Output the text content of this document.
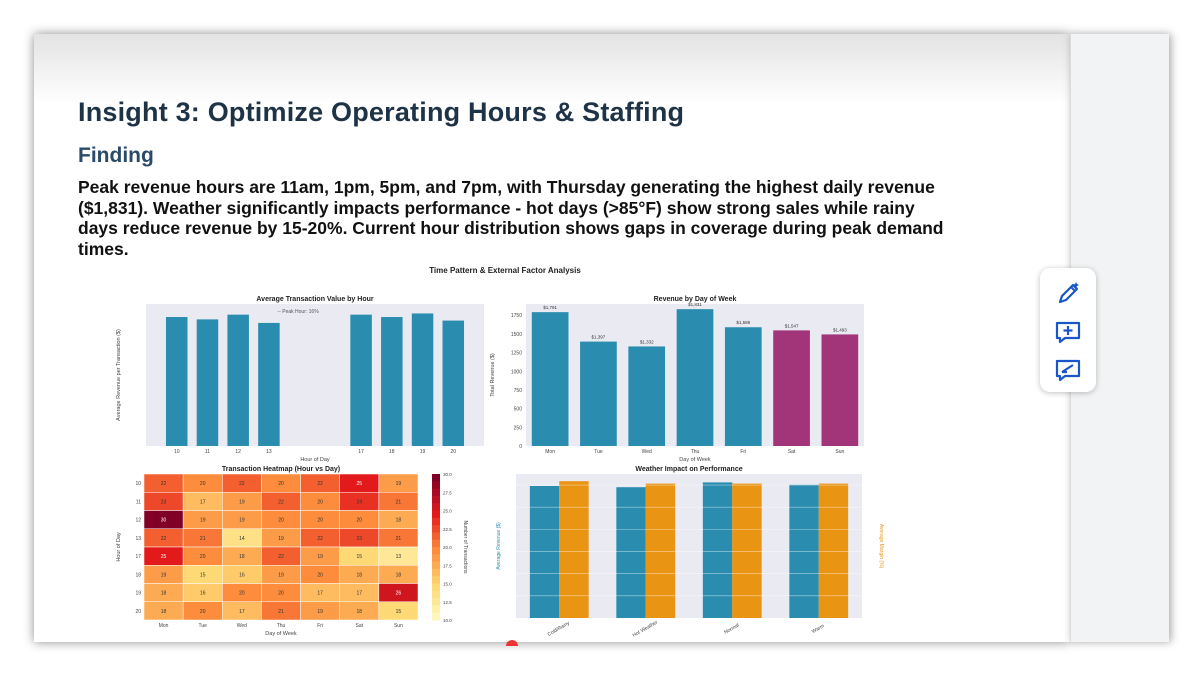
Insight 3: Optimize Operating Hours & Staffing
Finding

Peak revenue hours are 11am, 1pm, 5pm, and 7pm, with Thursday generating the highest daily revenue ($1,831). Weather significantly impacts performance - hot days (>85°F) show strong sales while rainy days reduce revenue by 15-20%. Current hour distribution shows gaps in coverage during peak demand times.

Time Pattern & External Factor Analysis
Average Transaction Value by Hour
Average Revenue per Transaction ($)
Hour of Day
10	11	12	13	17	18	19	20
-- Peak Hour: 16%
Revenue by Day of Week
Total Revenue ($)
Day of Week
0
250
500
750
1000
1250
1500
1750
$1,791
Mon
$1,397
Tue
$1,332
Wed
$1,831
Thu
$1,589
Fri
$1,547
Sat
$1,493
Sun
Transaction Heatmap (Hour vs Day)
Hour of Day
Day of Week
22	20	22	20	22	25	19
10
23	17	19	22	20	24	21
11
30	19	19	20	20	20	18
12
22	21	14	19	22	23	21
13
25	20	18	22	19	15	13
17
19	15	16	19	20	18	18
18
18	16	20	20	17	17	26
19
18	20	17	21	19	18	15
20
Mon	Tue	Wed	Thu	Fri	Sat	Sun
30.0
27.5
25.0
22.5
20.0
17.5
15.0
12.5
10.0
Number of Transactions
Weather Impact on Performance
Average Revenue ($)	Average Margin (%)
Cold/Rainy	Hot Weather	Normal	Warm
